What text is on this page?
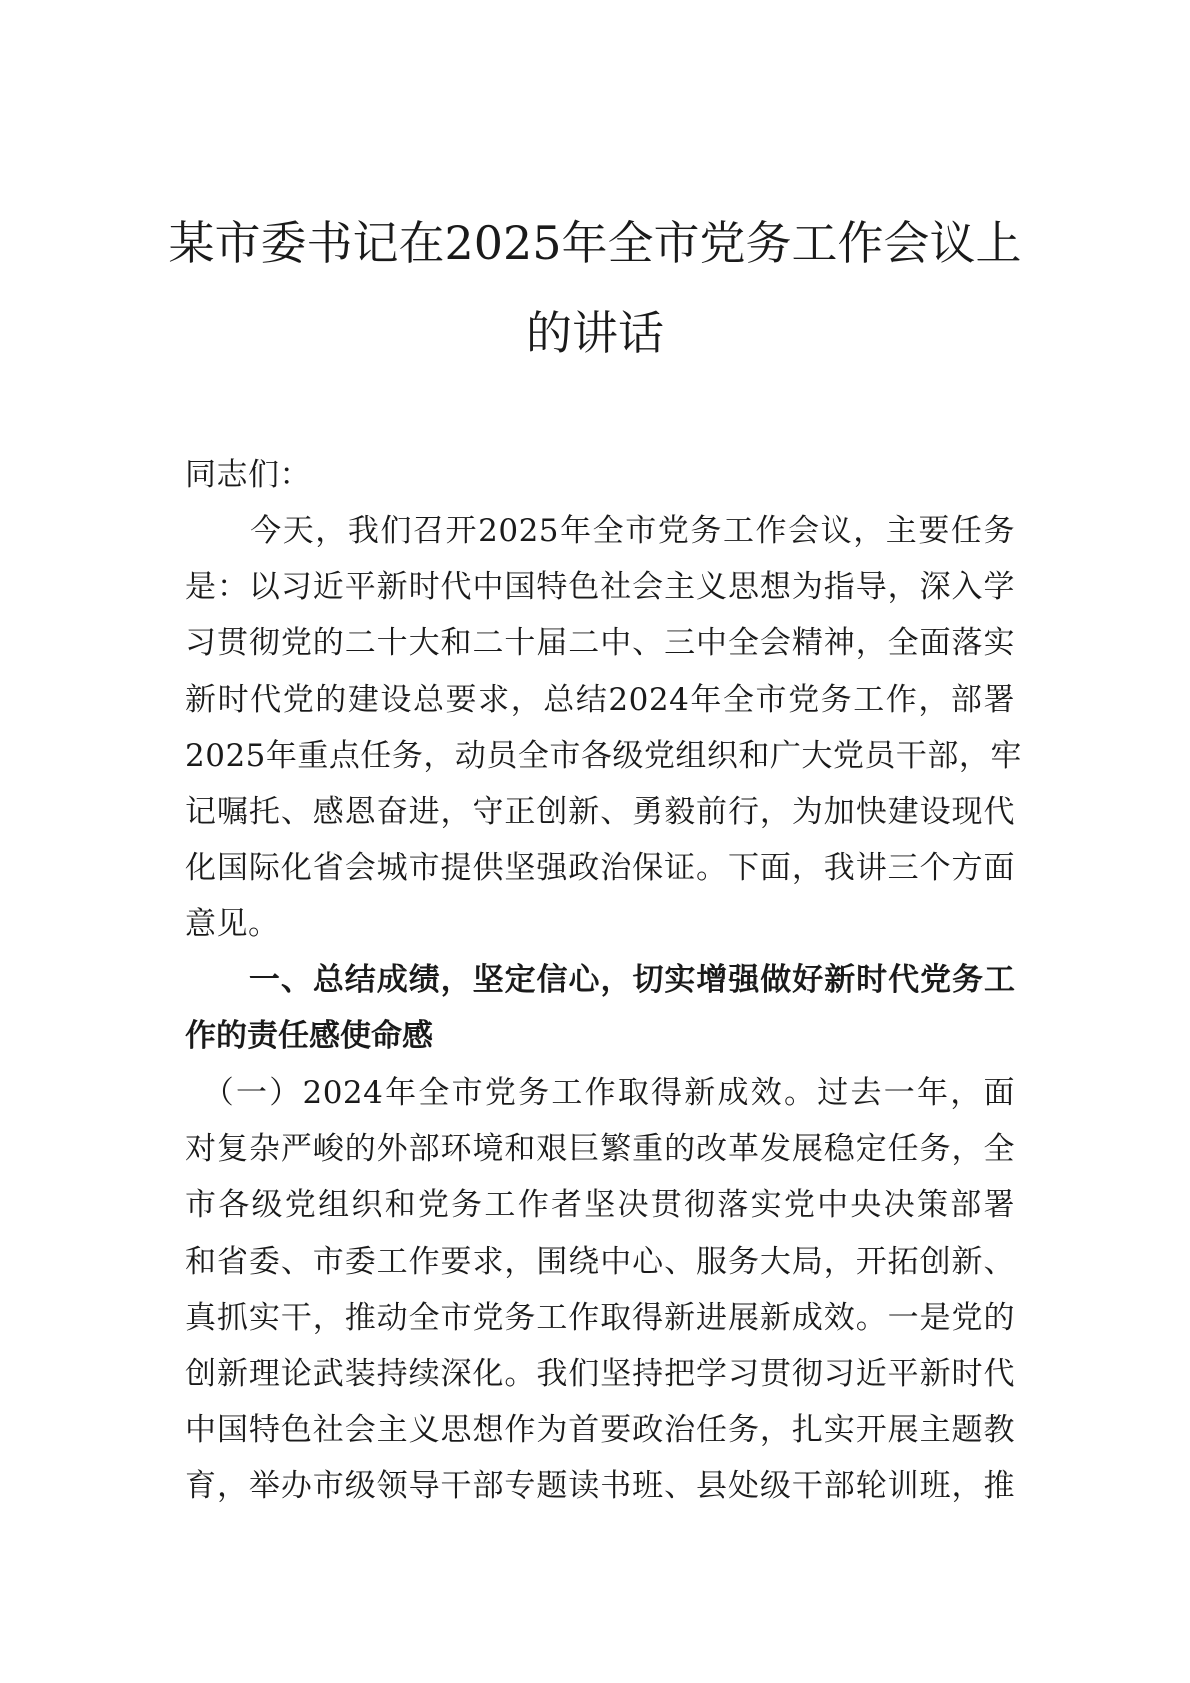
某市委书记在2025年全市党务工作会议上
的讲话

同志们：

　　今天，我们召开2025年全市党务工作会议，主要任务
是：以习近平新时代中国特色社会主义思想为指导，深入学
习贯彻党的二十大和二十届二中、三中全会精神，全面落实
新时代党的建设总要求，总结2024年全市党务工作，部署
2025年重点任务，动员全市各级党组织和广大党员干部，牢
记嘱托、感恩奋进，守正创新、勇毅前行，为加快建设现代
化国际化省会城市提供坚强政治保证。下面，我讲三个方面
意见。
　　一、总结成绩，坚定信心，切实增强做好新时代党务工
作的责任感使命感
　（一）2024年全市党务工作取得新成效。过去一年，面
对复杂严峻的外部环境和艰巨繁重的改革发展稳定任务，全
市各级党组织和党务工作者坚决贯彻落实党中央决策部署
和省委、市委工作要求，围绕中心、服务大局，开拓创新、
真抓实干，推动全市党务工作取得新进展新成效。一是党的
创新理论武装持续深化。我们坚持把学习贯彻习近平新时代
中国特色社会主义思想作为首要政治任务，扎实开展主题教
育，举办市级领导干部专题读书班、县处级干部轮训班，推
